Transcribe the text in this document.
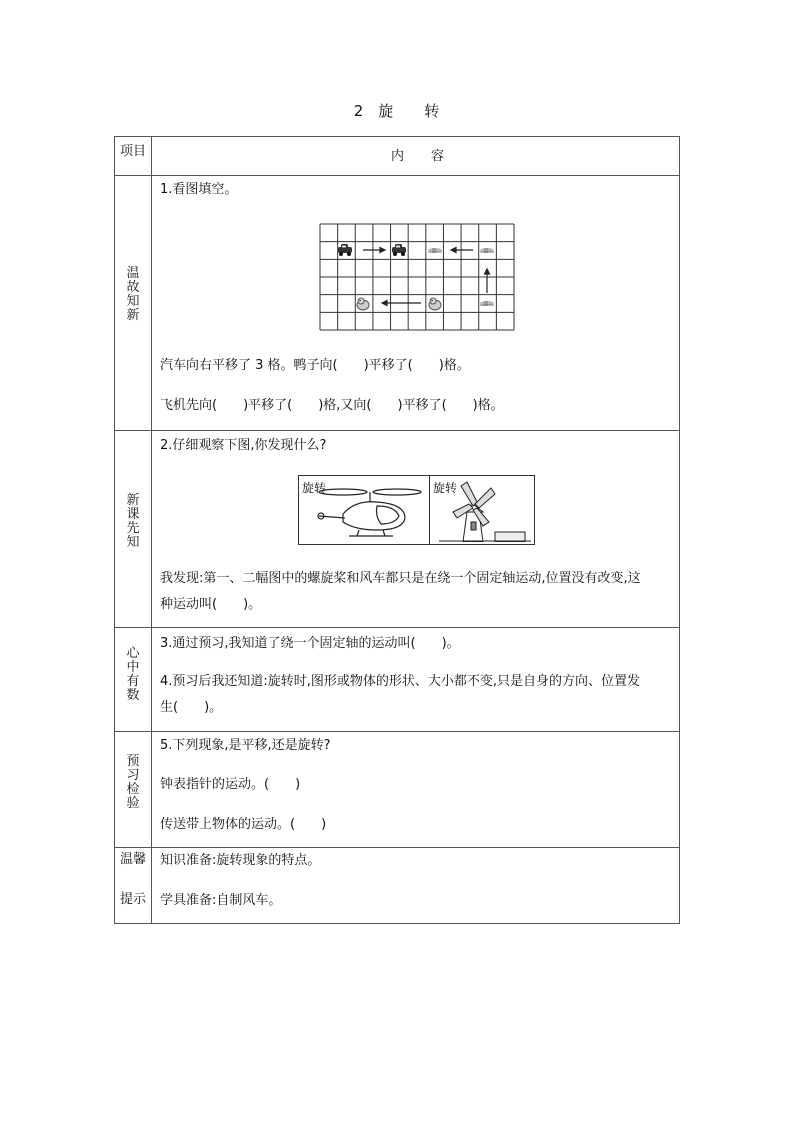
2 旋 转
项目	内 容
温
故
知
新
1.看图填空。
汽车向右平移了 3 格。鸭子向(　　)平移了(　　)格。
飞机先向(　　)平移了(　　)格,又向(　　)平移了(　　)格。
新
课
先
知
2.仔细观察下图,你发现什么?
旋转	旋转
我发现:第一、二幅图中的螺旋桨和风车都只是在绕一个固定轴运动,位置没有改变,这
种运动叫(　　)。
心
中
有
数
3.通过预习,我知道了绕一个固定轴的运动叫(　　)。
4.预习后我还知道:旋转时,图形或物体的形状、大小都不变,只是自身的方向、位置发
生(　　)。
预
习
检
验
5.下列现象,是平移,还是旋转?
钟表指针的运动。(　　)
传送带上物体的运动。(　　)
温馨
提示
知识准备:旋转现象的特点。
学具准备:自制风车。
